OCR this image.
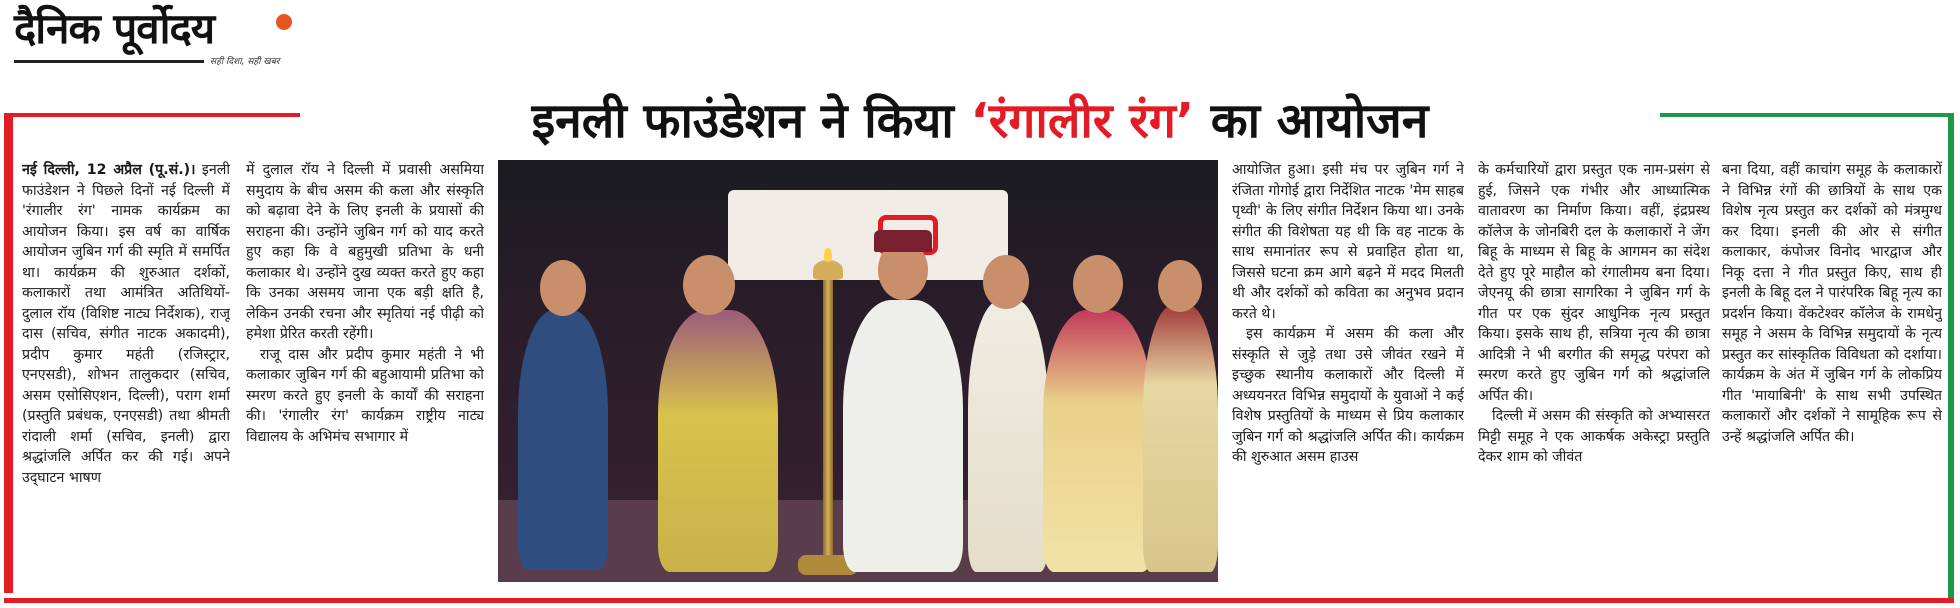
दैनिक पूर्वोदय
सही दिशा, सही खबर
इनली फाउंडेशन ने किया ‘रंगालीर रंग’ का आयोजन

नई दिल्ली, 12 अप्रैल (पू.सं.)। इनली फाउंडेशन ने पिछले दिनों नई दिल्ली में 'रंगालीर रंग' नामक कार्यक्रम का आयोजन किया। इस वर्ष का वार्षिक आयोजन जुबिन गर्ग की स्मृति में समर्पित था। कार्यक्रम की शुरुआत दर्शकों, कलाकारों तथा आमंत्रित अतिथियों- दुलाल रॉय (विशिष्ट नाट्य निर्देशक), राजू दास (सचिव, संगीत नाटक अकादमी), प्रदीप कुमार महंती (रजिस्ट्रार, एनएसडी), शोभन तालुकदार (सचिव, असम एसोसिएशन, दिल्ली), पराग शर्मा (प्रस्तुति प्रबंधक, एनएसडी) तथा श्रीमती रांदाली शर्मा (सचिव, इनली) द्वारा श्रद्धांजलि अर्पित कर की गई। अपने उद्‌घाटन भाषण

में दुलाल रॉय ने दिल्ली में प्रवासी असमिया समुदाय के बीच असम की कला और संस्कृति को बढ़ावा देने के लिए इनली के प्रयासों की सराहना की। उन्होंने जुबिन गर्ग को याद करते हुए कहा कि वे बहुमुखी प्रतिभा के धनी कलाकार थे। उन्होंने दुख व्यक्त करते हुए कहा कि उनका असमय जाना एक बड़ी क्षति है, लेकिन उनकी रचना और स्मृतियां नई पीढ़ी को हमेशा प्रेरित करती रहेंगी।

राजू दास और प्रदीप कुमार महंती ने भी कलाकार जुबिन गर्ग की बहुआयामी प्रतिभा को स्मरण करते हुए इनली के कार्यों की सराहना की। 'रंगालीर रंग' कार्यक्रम राष्ट्रीय नाट्य विद्यालय के अभिमंच सभागार में

आयोजित हुआ। इसी मंच पर जुबिन गर्ग ने रंजिता गोगोई द्वारा निर्देशित नाटक 'मेम साहब पृथ्वी' के लिए संगीत निर्देशन किया था। उनके संगीत की विशेषता यह थी कि वह नाटक के साथ समानांतर रूप से प्रवाहित होता था, जिससे घटना क्रम आगे बढ़ने में मदद मिलती थी और दर्शकों को कविता का अनुभव प्रदान करते थे।

इस कार्यक्रम में असम की कला और संस्कृति से जुड़े तथा उसे जीवंत रखने में इच्छुक स्थानीय कलाकारों और दिल्ली में अध्ययनरत विभिन्न समुदायों के युवाओं ने कई विशेष प्रस्तुतियों के माध्यम से प्रिय कलाकार जुबिन गर्ग को श्रद्धांजलि अर्पित की। कार्यक्रम की शुरुआत असम हाउस

के कर्मचारियों द्वारा प्रस्तुत एक नाम-प्रसंग से हुई, जिसने एक गंभीर और आध्यात्मिक वातावरण का निर्माण किया। वहीं, इंद्रप्रस्थ कॉलेज के जोनबिरी दल के कलाकारों ने जेंग बिहू के माध्यम से बिहू के आगमन का संदेश देते हुए पूरे माहौल को रंगालीमय बना दिया। जेएनयू की छात्रा सागरिका ने जुबिन गर्ग के गीत पर एक सुंदर आधुनिक नृत्य प्रस्तुत किया। इसके साथ ही, सत्रिया नृत्य की छात्रा आदित्री ने भी बरगीत की समृद्ध परंपरा को स्मरण करते हुए जुबिन गर्ग को श्रद्धांजलि अर्पित की।

दिल्ली में असम की संस्कृति को अभ्यासरत मिट्टी समूह ने एक आकर्षक अकेस्ट्रा प्रस्तुति देकर शाम को जीवंत

बना दिया, वहीं काचांग समूह के कलाकारों ने विभिन्न रंगों की छात्रियों के साथ एक विशेष नृत्य प्रस्तुत कर दर्शकों को मंत्रमुग्ध कर दिया। इनली की ओर से संगीत कलाकार, कंपोजर विनोद भारद्वाज और निकू दत्ता ने गीत प्रस्तुत किए, साथ ही इनली के बिहू दल ने पारंपरिक बिहू नृत्य का प्रदर्शन किया। वेंकटेश्वर कॉलेज के रामधेनु समूह ने असम के विभिन्न समुदायों के नृत्य प्रस्तुत कर सांस्कृतिक विविधता को दर्शाया। कार्यक्रम के अंत में जुबिन गर्ग के लोकप्रिय गीत 'मायाबिनी' के साथ सभी उपस्थित कलाकारों और दर्शकों ने सामूहिक रूप से उन्हें श्रद्धांजलि अर्पित की।
